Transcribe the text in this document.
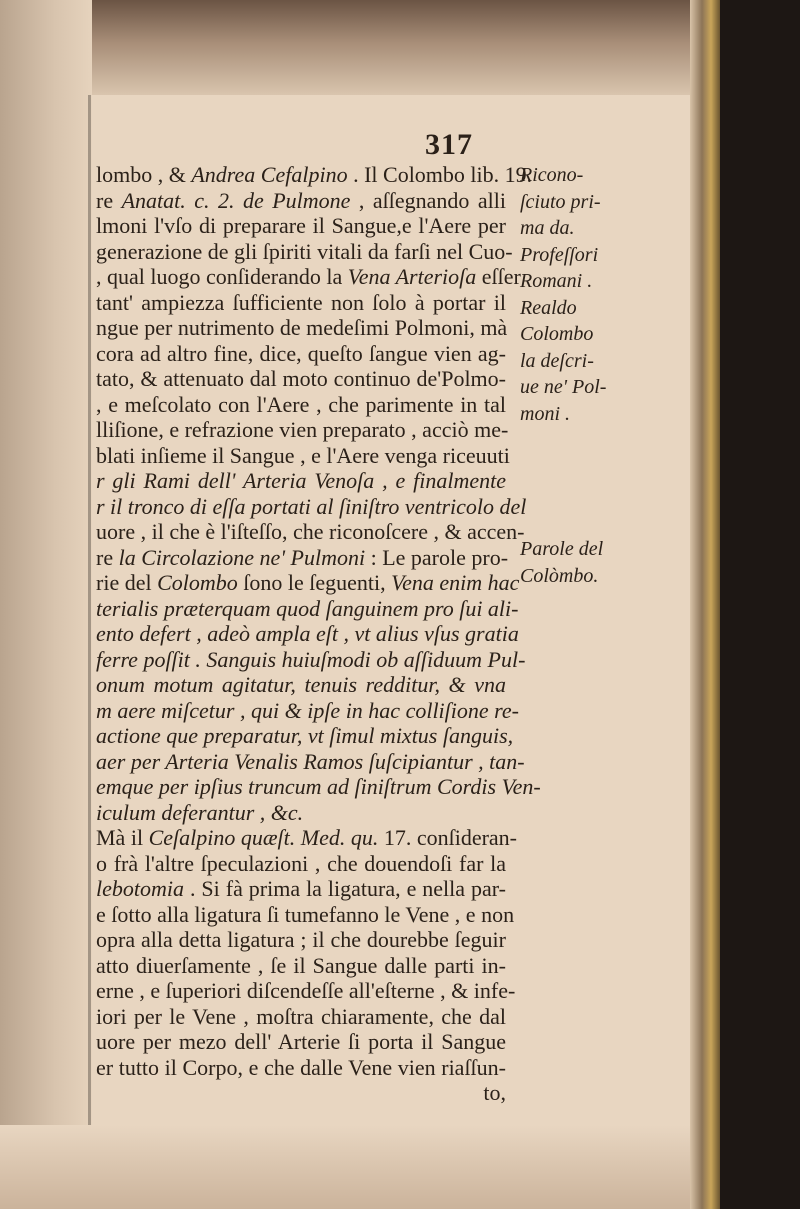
317
lombo , & Andrea Cefalpino . Il Colombo lib. 19.
re Anatat. c. 2. de Pulmone , aſſegnando alli
lmoni l'vſo di preparare il Sangue,e l'Aere per
generazione de gli ſpiriti vitali da farſi nel Cuo-
, qual luogo conſiderando la Vena Arterioſa eſſer
tant' ampiezza ſufficiente non ſolo à portar il
ngue per nutrimento de medeſimi Polmoni, mà
cora ad altro fine, dice, queſto ſangue vien ag-
tato, & attenuato dal moto continuo de'Polmo-
, e meſcolato con l'Aere , che parimente in tal
lliſione, e refrazione vien preparato , acciò me-
blati inſieme il Sangue , e l'Aere venga riceuuti
r gli Rami dell' Arteria Venoſa , e finalmente
r il tronco di eſſa portati al ſiniſtro ventricolo del
uore , il che è l'iſteſſo, che riconoſcere , & accen-
re la Circolazione ne' Pulmoni : Le parole pro-
rie del Colombo ſono le ſeguenti, Vena enim hac
terialis præterquam quod ſanguinem pro ſui ali-
ento defert , adeò ampla eſt , vt alius vſus gratia
ferre poſſit . Sanguis huiuſmodi ob aſſiduum Pul-
onum motum agitatur, tenuis redditur, & vna
m aere miſcetur , qui & ipſe in hac colliſione re-
actione que preparatur, vt ſimul mixtus ſanguis,
aer per Arteria Venalis Ramos ſuſcipiantur , tan-
emque per ipſius truncum ad ſiniſtrum Cordis Ven-
iculum deferantur , &c.
Mà il Ceſalpino quæſt. Med. qu. 17. conſideran-
o frà l'altre ſpeculazioni , che douendoſi far la
lebotomia . Si fà prima la ligatura, e nella par-
e ſotto alla ligatura ſi tumefanno le Vene , e non
opra alla detta ligatura ; il che dourebbe ſeguir
atto diuerſamente , ſe il Sangue dalle parti in-
erne , e ſuperiori diſcendeſſe all'eſterne , & infe-
iori per le Vene , moſtra chiaramente, che dal
uore per mezo dell' Arterie ſi porta il Sangue
er tutto il Corpo, e che dalle Vene vien riaſſun-
to,
Ricono-
ſciuto pri-
ma da.
Profeſſori
Romani .
Realdo
Colombo
la deſcri-
ue ne' Pol-
moni .
Parole del
Colòmbo.
